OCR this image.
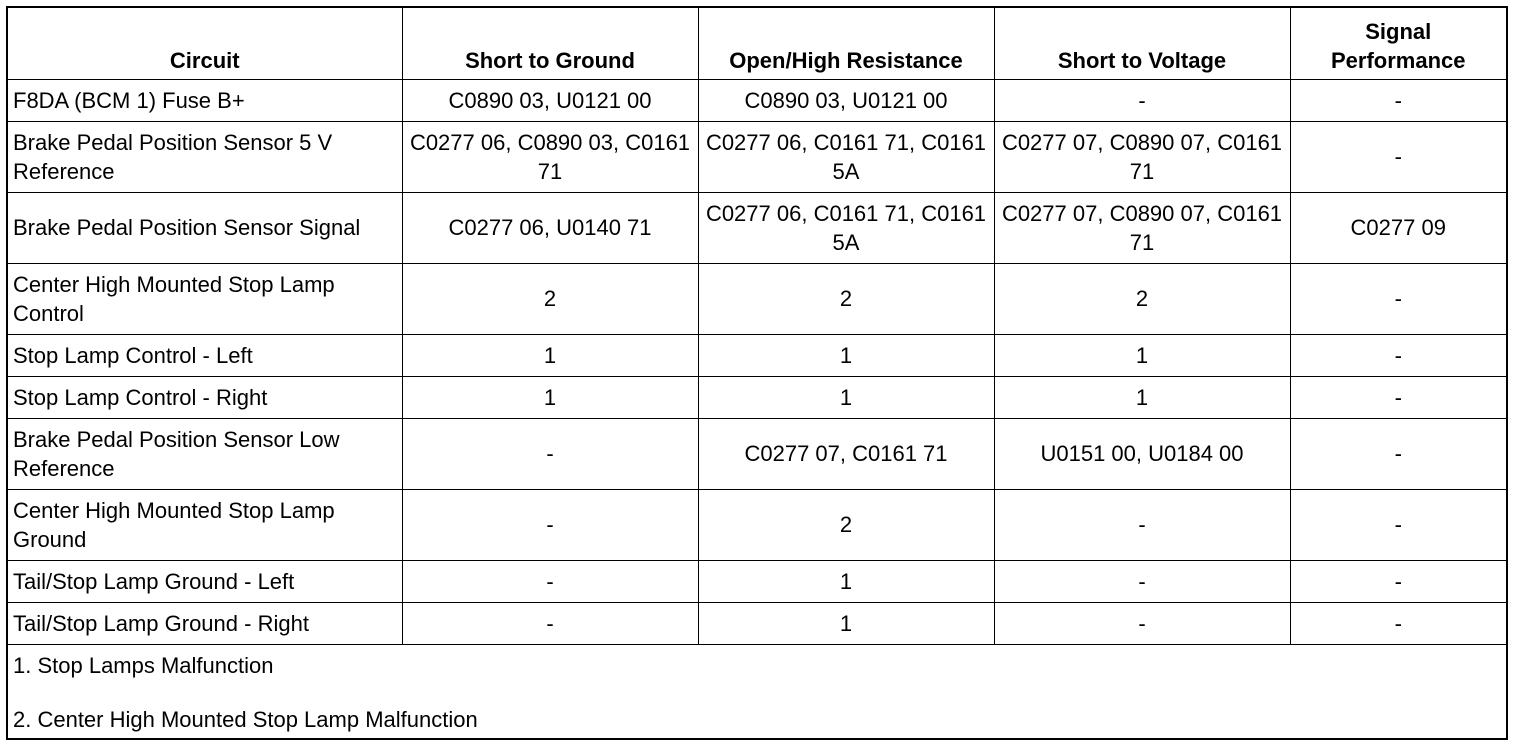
Circuit	Short to Ground	Open/High Resistance	Short to Voltage	Signal Performance
F8DA (BCM 1) Fuse B+	C0890 03, U0121 00	C0890 03, U0121 00	-	-
Brake Pedal Position Sensor 5 V Reference	C0277 06, C0890 03, C0161 71	C0277 06, C0161 71, C0161 5A	C0277 07, C0890 07, C0161 71	-
Brake Pedal Position Sensor Signal	C0277 06, U0140 71	C0277 06, C0161 71, C0161 5A	C0277 07, C0890 07, C0161 71	C0277 09
Center High Mounted Stop Lamp Control	2	2	2	-
Stop Lamp Control - Left	1	1	1	-
Stop Lamp Control - Right	1	1	1	-
Brake Pedal Position Sensor Low Reference	-	C0277 07, C0161 71	U0151 00, U0184 00	-
Center High Mounted Stop Lamp Ground	-	2	-	-
Tail/Stop Lamp Ground - Left	-	1	-	-
Tail/Stop Lamp Ground - Right	-	1	-	-

1. Stop Lamps Malfunction

2. Center High Mounted Stop Lamp Malfunction				
